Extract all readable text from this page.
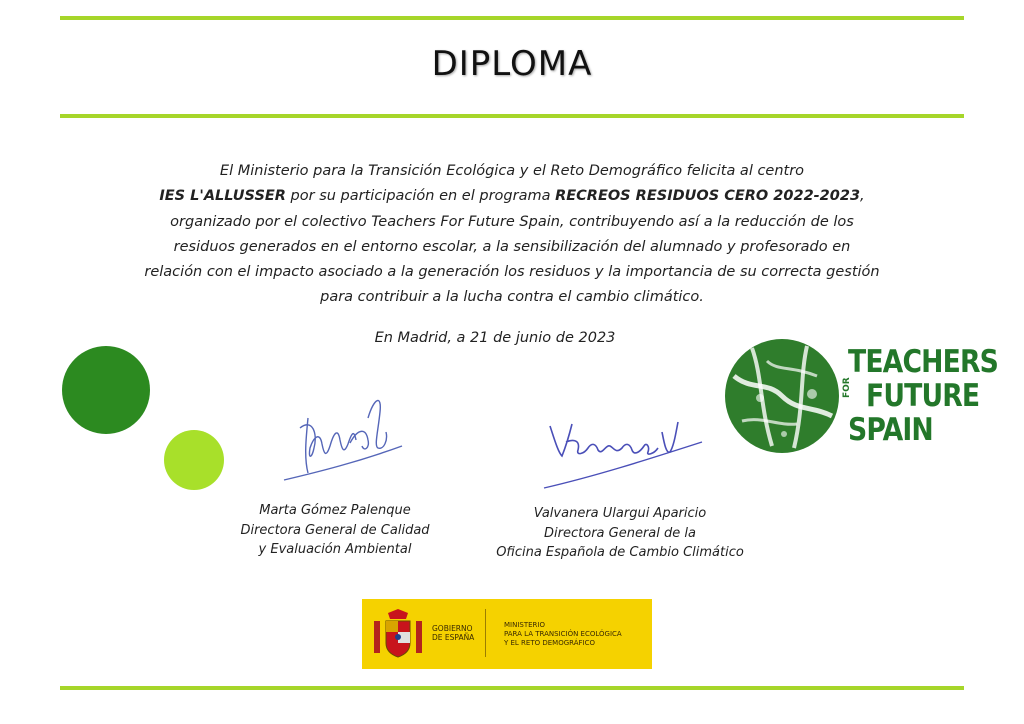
DIPLOMA
El Ministerio para la Transición Ecológica y el Reto Demográfico felicita al centro
IES L'ALLUSSER por su participación en el programa RECREOS RESIDUOS CERO 2022-2023,
organizado por el colectivo Teachers For Future Spain, contribuyendo así a la reducción de los
residuos generados en el entorno escolar, a la sensibilización del alumnado y profesorado en
relación con el impacto asociado a la generación los residuos y la importancia de su correcta gestión
para contribuir a la lucha contra el cambio climático.
En Madrid, a 21 de junio de 2023
Marta Gómez Palenque
Directora General de Calidad
y Evaluación Ambiental
Valvanera Ulargui Aparicio
Directora General de la
Oficina Española de Cambio Climático
TEACHERS
FOR FUTURE
SPAIN
GOBIERNO
DE ESPAÑA
MINISTERIO
PARA LA TRANSICIÓN ECOLÓGICA
Y EL RETO DEMOGRÁFICO
